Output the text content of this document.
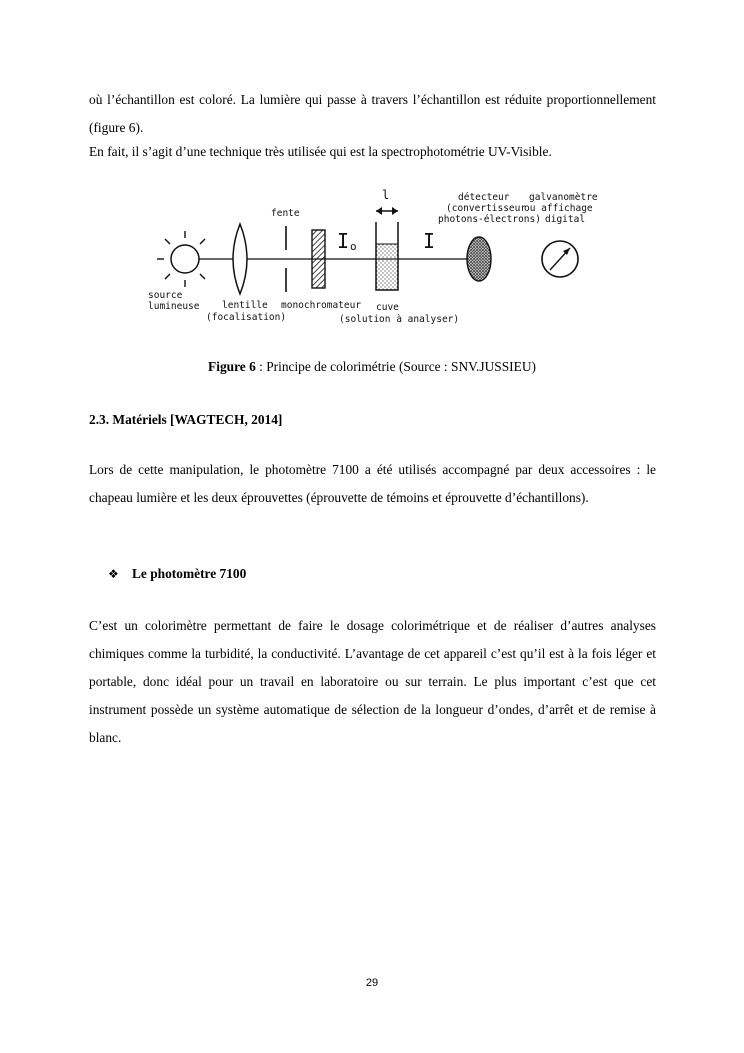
où l’échantillon est coloré. La lumière qui passe à travers l’échantillon est réduite proportionnellement (figure 6).

En fait, il s’agit d’une technique très utilisée qui est la spectrophotométrie UV-Visible.

I o
l
I
fente
source
lumineuse lentille
(focalisation)
monochromateur cuve
(solution à analyser)
détecteur
(convertisseur
photons-électrons)
galvanomètre
ou affichage
digital
Figure 6 : Principe de colorimétrie (Source : SNV.JUSSIEU)
2.3. Matériels [WAGTECH, 2014]

Lors de cette manipulation, le photomètre 7100 a été utilisés accompagné par deux accessoires : le chapeau lumière et les deux éprouvettes (éprouvette de témoins et éprouvette d’échantillons).

❖ Le photomètre 7100

C’est un colorimètre permettant de faire le dosage colorimétrique et de réaliser d’autres analyses chimiques comme la turbidité, la conductivité. L’avantage de cet appareil c’est qu’il est à la fois léger et portable, donc idéal pour un travail en laboratoire ou sur terrain. Le plus important c’est que cet instrument possède un système automatique de sélection de la longueur d’ondes, d’arrêt et de remise à blanc.

29
